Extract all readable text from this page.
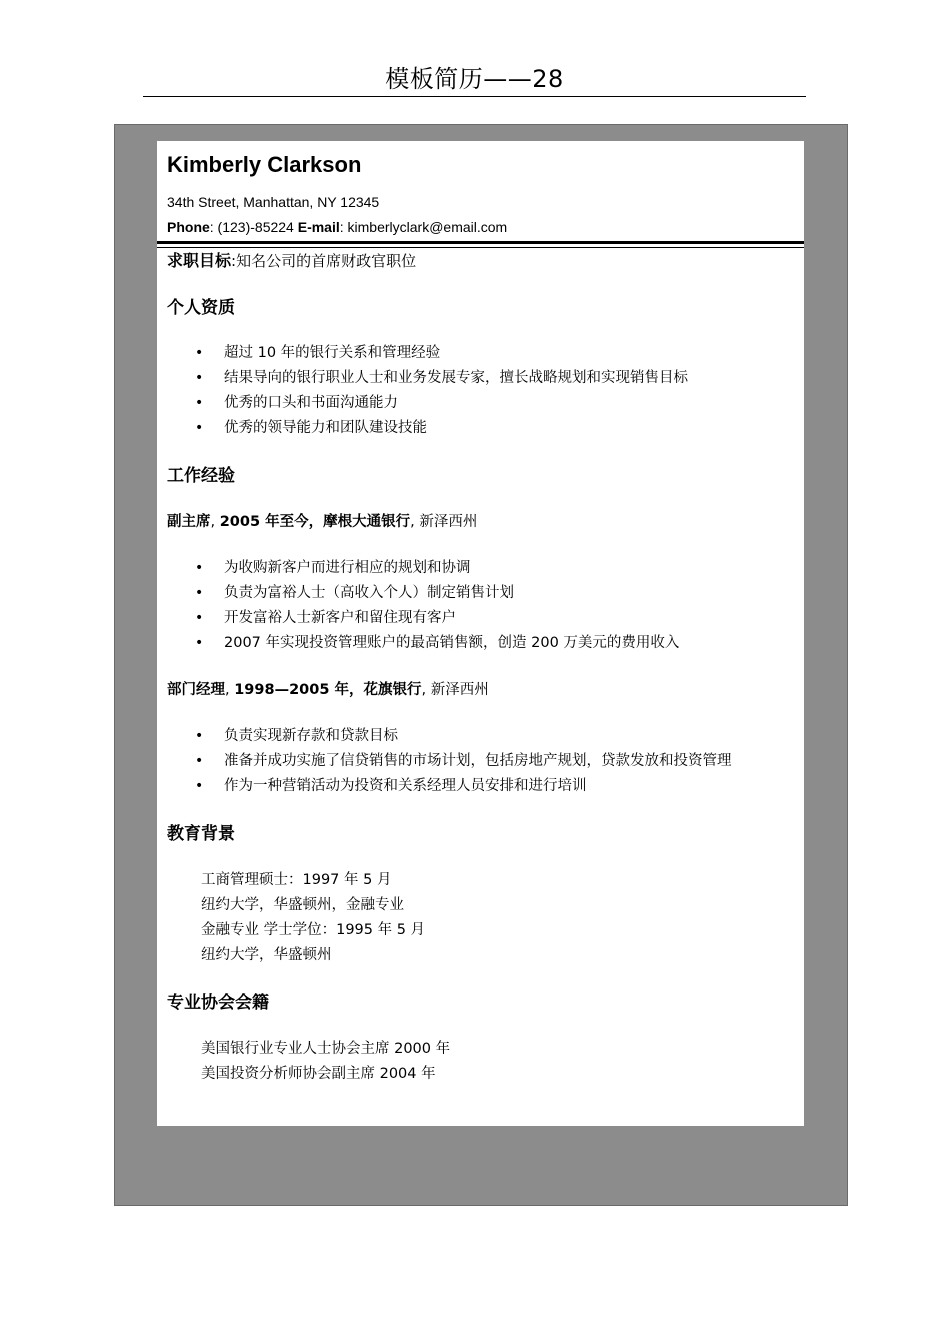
模板简历——28
Kimberly Clarkson
34th Street, Manhattan, NY 12345
Phone: (123)-85224 E-mail: kimberlyclark@email.com

求职目标:知名公司的首席财政官职位

个人资质

• 超过 10 年的银行关系和管理经验
• 结果导向的银行职业人士和业务发展专家，擅长战略规划和实现销售目标
• 优秀的口头和书面沟通能力
• 优秀的领导能力和团队建设技能

工作经验

副主席, 2005 年至今，摩根大通银行, 新泽西州

• 为收购新客户而进行相应的规划和协调
• 负责为富裕人士（高收入个人）制定销售计划
• 开发富裕人士新客户和留住现有客户
• 2007 年实现投资管理账户的最高销售额，创造 200 万美元的费用收入

部门经理, 1998—2005 年，花旗银行, 新泽西州

• 负责实现新存款和贷款目标
• 准备并成功实施了信贷销售的市场计划，包括房地产规划，贷款发放和投资管理
• 作为一种营销活动为投资和关系经理人员安排和进行培训

教育背景

工商管理硕士：1997 年 5 月

纽约大学，华盛顿州，金融专业

金融专业 学士学位：1995 年 5 月

纽约大学，华盛顿州

专业协会会籍

美国银行业专业人士协会主席 2000 年

美国投资分析师协会副主席 2004 年
